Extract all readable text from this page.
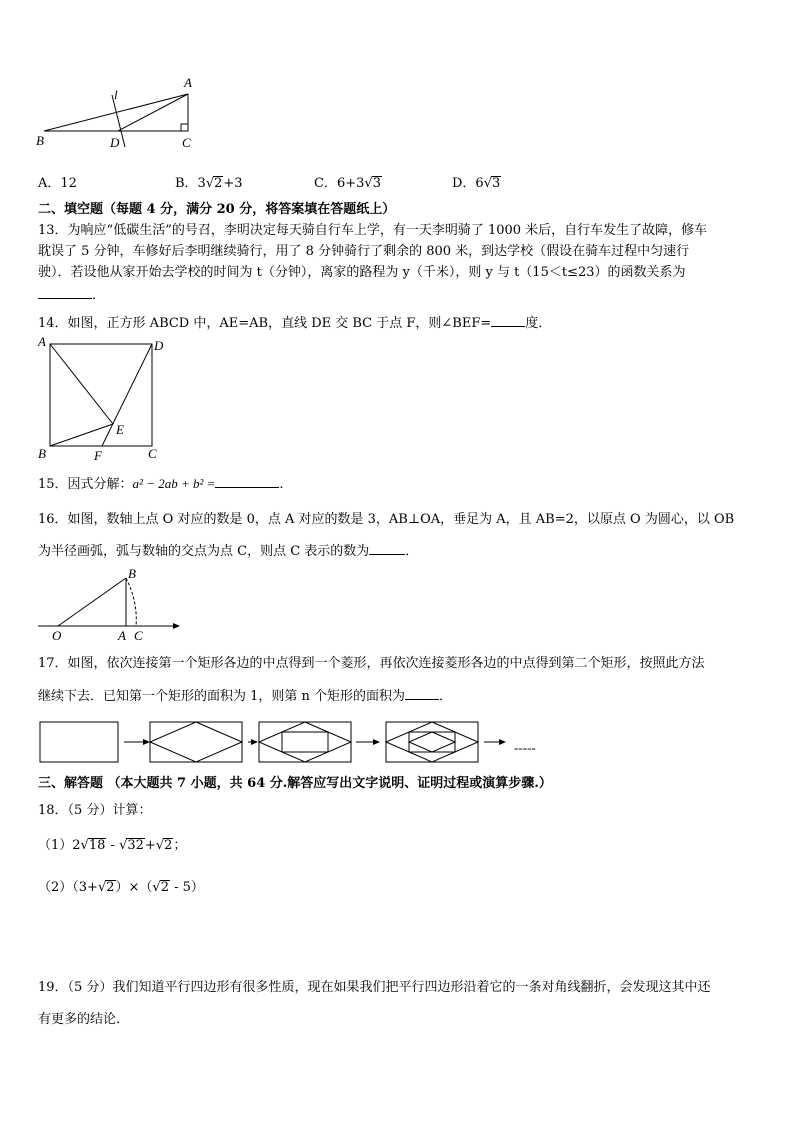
l
A
B	D	C
A．12	B．3√2+3	C．6+3√3	D．6√3
二、填空题（每题 4 分，满分 20 分，将答案填在答题纸上）
13．为响应“低碳生活”的号召，李明决定每天骑自行车上学，有一天李明骑了 1000 米后，自行车发生了故障，修车
耽误了 5 分钟，车修好后李明继续骑行，用了 8 分钟骑行了剩余的 800 米，到达学校（假设在骑车过程中匀速行
驶）．若设他从家开始去学校的时间为 t（分钟），离家的路程为 y（千米），则 y 与 t（15＜t≤23）的函数关系为
．
14．如图，正方形 ABCD 中，AE=AB，直线 DE 交 BC 于点 F，则∠BEF=	度．
A	D
E
B	F	C
15．因式分解：a² − 2ab + b² =	.
16．如图，数轴上点 O 对应的数是 0，点 A 对应的数是 3，AB⊥OA，垂足为 A，且 AB=2，以原点 O 为圆心，以 OB
为半径画弧，弧与数轴的交点为点 C，则点 C 表示的数为	．
B
O	A C
17．如图，依次连接第一个矩形各边的中点得到一个菱形，再依次连接菱形各边的中点得到第二个矩形，按照此方法
继续下去．已知第一个矩形的面积为 1，则第 n 个矩形的面积为	．
-----
三、解答题 （本大题共 7 小题，共 64 分.解答应写出文字说明、证明过程或演算步骤.）
18．（5 分）计算：
（1）2√18 - √32+√2；
（2）（3+√2）×（√2 - 5）
19．（5 分）我们知道平行四边形有很多性质，现在如果我们把平行四边形沿着它的一条对角线翻折，会发现这其中还
有更多的结论．
